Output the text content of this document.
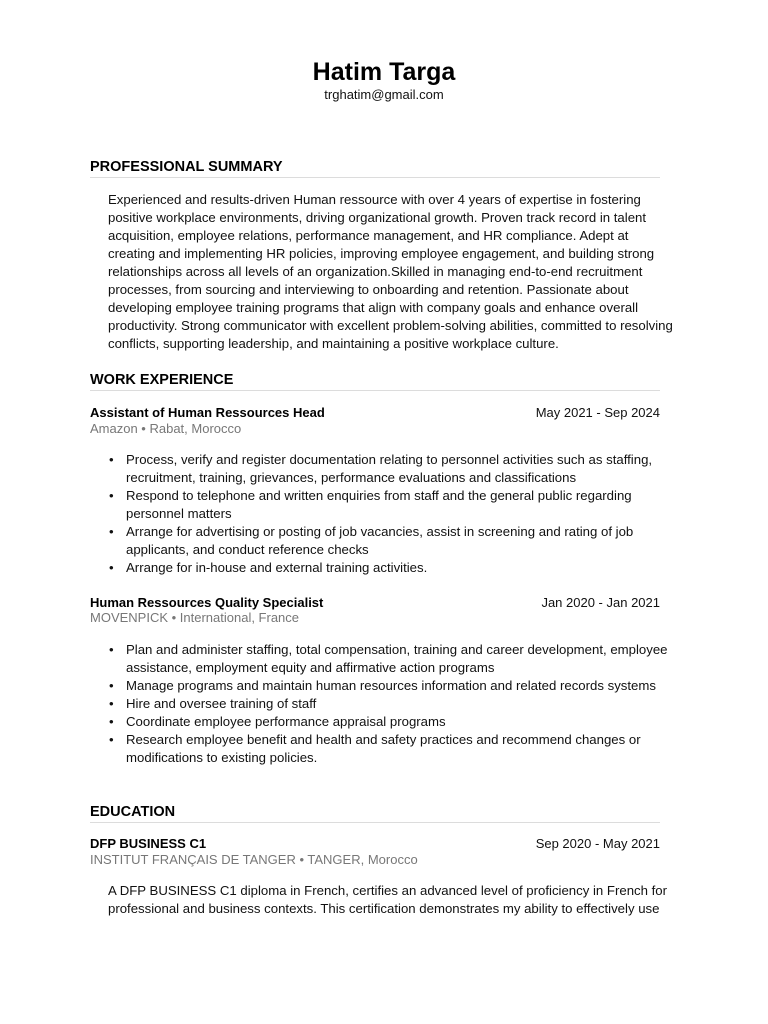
Hatim Targa
trghatim@gmail.com
PROFESSIONAL SUMMARY
Experienced and results-driven Human ressource with over 4 years of expertise in fostering positive workplace environments, driving organizational growth. Proven track record in talent acquisition, employee relations, performance management, and HR compliance. Adept at creating and implementing HR policies, improving employee engagement, and building strong relationships across all levels of an organization.Skilled in managing end-to-end recruitment processes, from sourcing and interviewing to onboarding and retention. Passionate about developing employee training programs that align with company goals and enhance overall productivity. Strong communicator with excellent problem-solving abilities, committed to resolving conflicts, supporting leadership, and maintaining a positive workplace culture.
WORK EXPERIENCE
Assistant of Human Ressources Head	May 2021 - Sep 2024
Amazon • Rabat, Morocco
• Process, verify and register documentation relating to personnel activities such as staffing, recruitment, training, grievances, performance evaluations and classifications
• Respond to telephone and written enquiries from staff and the general public regarding personnel matters
• Arrange for advertising or posting of job vacancies, assist in screening and rating of job applicants, and conduct reference checks
• Arrange for in-house and external training activities.
Human Ressources Quality Specialist	Jan 2020 - Jan 2021
MOVENPICK • International, France
• Plan and administer staffing, total compensation, training and career development, employee assistance, employment equity and affirmative action programs
• Manage programs and maintain human resources information and related records systems
• Hire and oversee training of staff
• Coordinate employee performance appraisal programs
• Research employee benefit and health and safety practices and recommend changes or modifications to existing policies.
EDUCATION
DFP BUSINESS C1	Sep 2020 - May 2021
INSTITUT FRANÇAIS DE TANGER • TANGER, Morocco
A DFP BUSINESS C1 diploma in French, certifies an advanced level of proficiency in French for professional and business contexts. This certification demonstrates my ability to effectively use
